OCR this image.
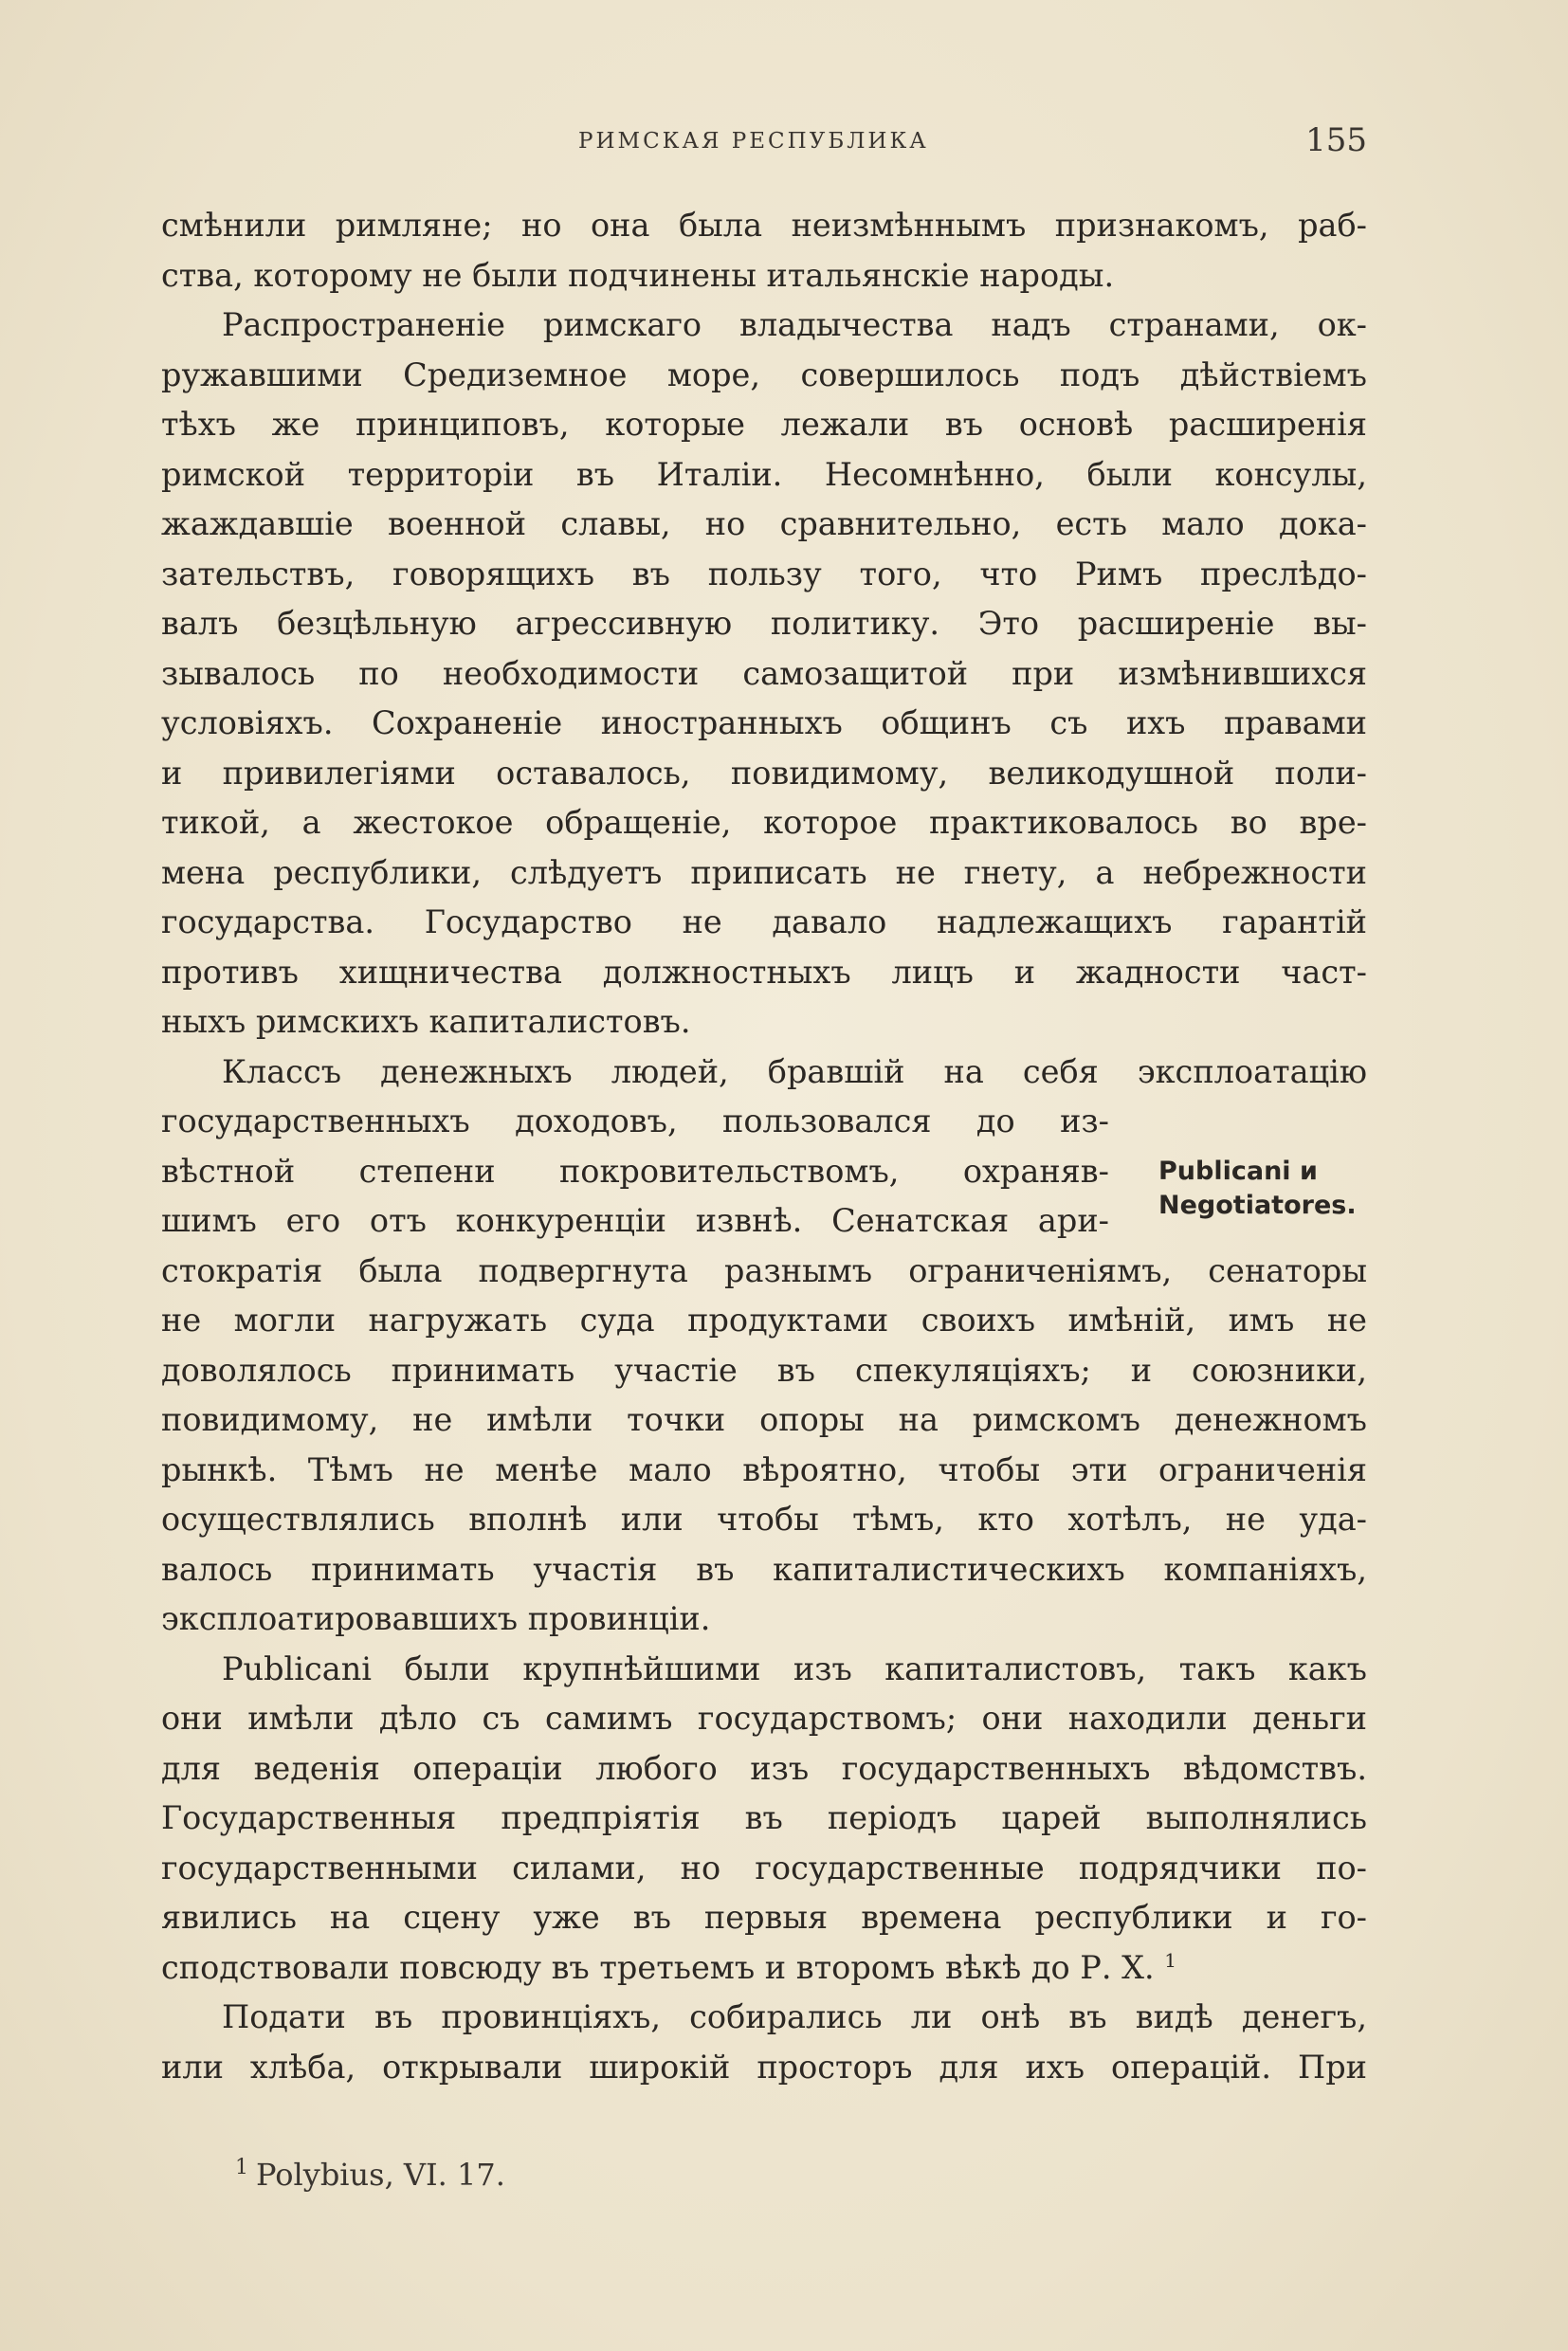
РИМСКАЯ РЕСПУБЛИКА	155
смѣнили римляне; но она была неизмѣннымъ признакомъ, раб-
ства, которому не были подчинены итальянскіе народы.
Распространеніе римскаго владычества надъ странами, ок-
ружавшими Средиземное море, совершилось подъ дѣйствіемъ
тѣхъ же принциповъ, которые лежали въ основѣ расширенія
римской территоріи въ Италіи. Несомнѣнно, были консулы,
жаждавшіе военной славы, но сравнительно, есть мало дока-
зательствъ, говорящихъ въ пользу того, что Римъ преслѣдо-
валъ безцѣльную агрессивную политику. Это расширеніе вы-
зывалось по необходимости самозащитой при измѣнившихся
условіяхъ. Сохраненіе иностранныхъ общинъ съ ихъ правами
и привилегіями оставалось, повидимому, великодушной поли-
тикой, а жестокое обращеніе, которое практиковалось во вре-
мена республики, слѣдуетъ приписать не гнету, а небрежности
государства. Государство не давало надлежащихъ гарантій
противъ хищничества должностныхъ лицъ и жадности част-
ныхъ римскихъ капиталистовъ.
Классъ денежныхъ людей, бравшій на себя эксплоатацію
государственныхъ доходовъ, пользовался до из-
вѣстной степени покровительствомъ, охраняв-
шимъ его отъ конкуренціи извнѣ. Сенатская ари-
стократія была подвергнута разнымъ ограниченіямъ, сенаторы
не могли нагружать суда продуктами своихъ имѣній, имъ не
доволялось принимать участіе въ спекуляціяхъ; и союзники,
повидимому, не имѣли точки опоры на римскомъ денежномъ
рынкѣ. Тѣмъ не менѣе мало вѣроятно, чтобы эти ограниченія
осуществлялись вполнѣ или чтобы тѣмъ, кто хотѣлъ, не уда-
валось принимать участія въ капиталистическихъ компаніяхъ,
эксплоатировавшихъ провинціи.
Publicani были крупнѣйшими изъ капиталистовъ, такъ какъ
они имѣли дѣло съ самимъ государствомъ; они находили деньги
для веденія операціи любого изъ государственныхъ вѣдомствъ.
Государственныя предпріятія въ періодъ царей выполнялись
государственными силами, но государственные подрядчики по-
явились на сцену уже въ первыя времена республики и го-
сподствовали повсюду въ третьемъ и второмъ вѣкѣ до Р. Х. $^1$
Подати въ провинціяхъ, собирались ли онѣ въ видѣ денегъ,
или хлѣба, открывали широкій просторъ для ихъ операцій. При
Publicani и
Negotiatores.
$^1$ Polybius, VI. 17.
